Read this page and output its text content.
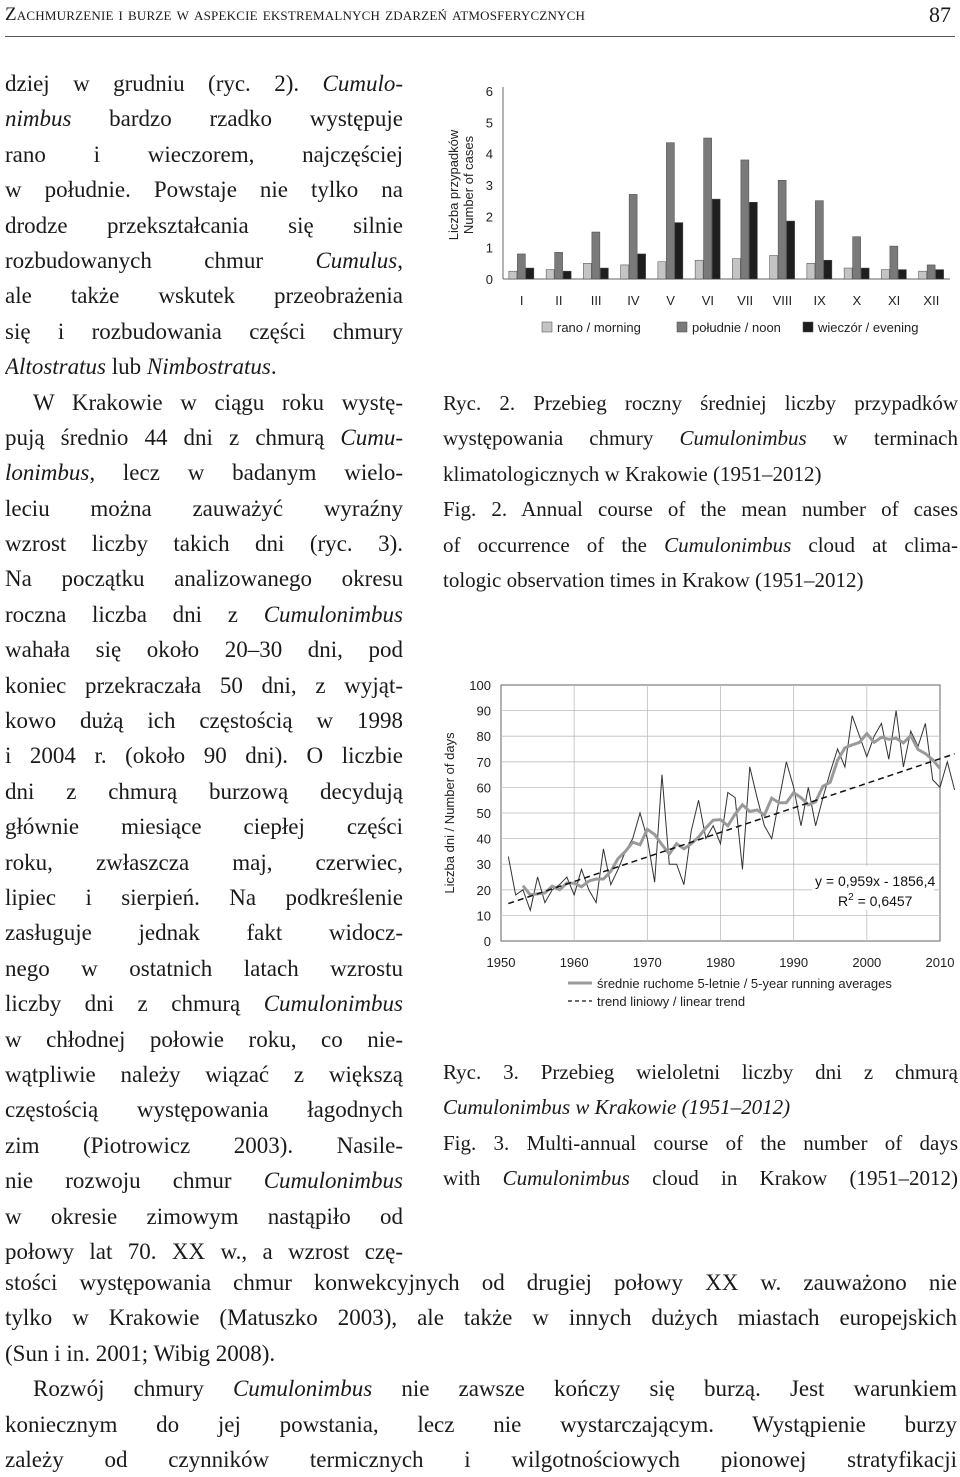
Zachmurzenie i burze w aspekcie ekstremalnych zdarzeń atmosferycznych	87
dziej w grudniu (ryc. 2). Cumulo-
nimbus bardzo rzadko występuje
rano i wieczorem, najczęściej
w południe. Powstaje nie tylko na
drodze przekształcania się silnie
rozbudowanych chmur Cumulus,
ale także wskutek przeobrażenia
się i rozbudowania części chmury
Altostratus lub Nimbostratus.
W Krakowie w ciągu roku wystę-
pują średnio 44 dni z chmurą Cumu-
lonimbus, lecz w badanym wielo-
leciu można zauważyć wyraźny
wzrost liczby takich dni (ryc. 3).
Na początku analizowanego okresu
roczna liczba dni z Cumulonimbus
wahała się około 20–30 dni, pod
koniec przekraczała 50 dni, z wyjąt-
kowo dużą ich częstością w 1998
i 2004 r. (około 90 dni). O liczbie
dni z chmurą burzową decydują
głównie miesiące ciepłej części
roku, zwłaszcza maj, czerwiec,
lipiec i sierpień. Na podkreślenie
zasługuje jednak fakt widocz-
nego w ostatnich latach wzrostu
liczby dni z chmurą Cumulonimbus
w chłodnej połowie roku, co nie-
wątpliwie należy wiązać z większą
częstością występowania łagodnych
zim (Piotrowicz 2003). Nasile-
nie rozwoju chmur Cumulonimbus
w okresie zimowym nastąpiło od
połowy lat 70. XX w., a wzrost czę-
0
1
2
3
4
5
6
Liczba przypadków Number of cases
I II III IV V VI VII VIII IX X XI XII
rano / morning	południe / noon	wieczór / evening
Ryc. 2. Przebieg roczny średniej liczby przypadków
występowania chmury Cumulonimbus w terminach
klimatologicznych w Krakowie (1951–2012)
Fig. 2. Annual course of the mean number of cases
of occurrence of the Cumulonimbus cloud at clima-
tologic observation times in Krakow (1951–2012)
0
10
20
30
40
50
60
70
80
90
100
1950	1960	1970	1980	1990	2000	2010
Liczba dni / Number of days	y = 0,959x - 1856,4
$R^2 = 0,6457$
średnie ruchome 5-letnie / 5-year running averages
trend liniowy / linear trend
Ryc. 3. Przebieg wieloletni liczby dni z chmurą
Cumulonimbus w Krakowie (1951–2012)
Fig. 3. Multi-annual course of the number of days
with Cumulonimbus cloud in Krakow (1951–2012)
stości występowania chmur konwekcyjnych od drugiej połowy XX w. zauważono nie
tylko w Krakowie (Matuszko 2003), ale także w innych dużych miastach europejskich
(Sun i in. 2001; Wibig 2008).
Rozwój chmury Cumulonimbus nie zawsze kończy się burzą. Jest warunkiem
koniecznym do jej powstania, lecz nie wystarczającym. Wystąpienie burzy
zależy od czynników termicznych i wilgotnościowych pionowej stratyfikacji
